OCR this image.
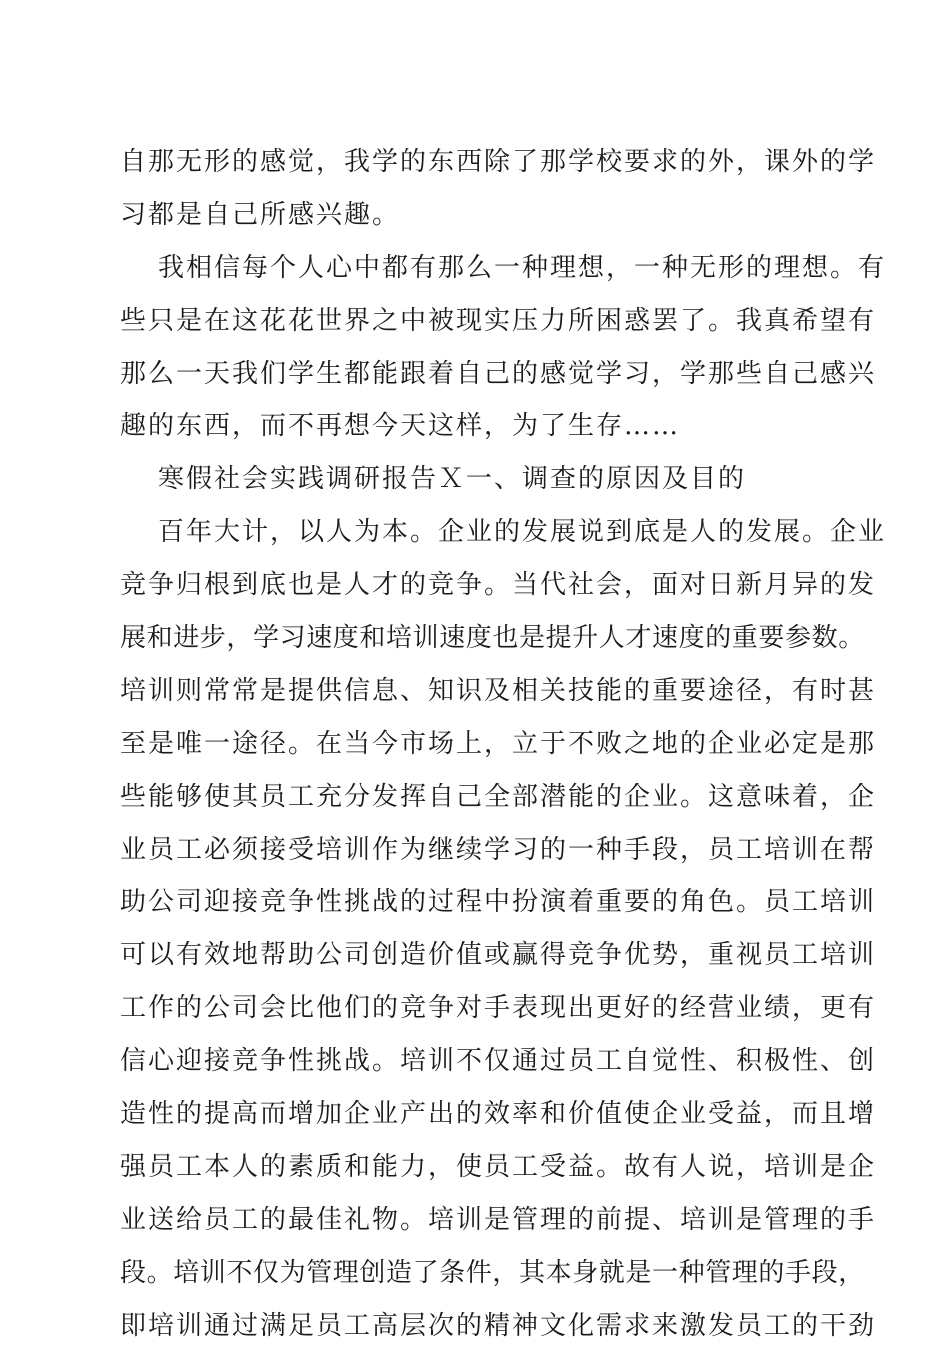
自那无形的感觉，我学的东西除了那学校要求的外，课外的学
习都是自己所感兴趣。
我相信每个人心中都有那么一种理想，一种无形的理想。有
些只是在这花花世界之中被现实压力所困惑罢了。我真希望有
那么一天我们学生都能跟着自己的感觉学习，学那些自己感兴
趣的东西，而不再想今天这样，为了生存……
寒假社会实践调研报告Ｘ一、调查的原因及目的
百年大计，以人为本。企业的发展说到底是人的发展。企业
竞争归根到底也是人才的竞争。当代社会，面对日新月异的发
展和进步，学习速度和培训速度也是提升人才速度的重要参数。
培训则常常是提供信息、知识及相关技能的重要途径，有时甚
至是唯一途径。在当今市场上，立于不败之地的企业必定是那
些能够使其员工充分发挥自己全部潜能的企业。这意味着，企
业员工必须接受培训作为继续学习的一种手段，员工培训在帮
助公司迎接竞争性挑战的过程中扮演着重要的角色。员工培训
可以有效地帮助公司创造价值或赢得竞争优势，重视员工培训
工作的公司会比他们的竞争对手表现出更好的经营业绩，更有
信心迎接竞争性挑战。培训不仅通过员工自觉性、积极性、创
造性的提高而增加企业产出的效率和价值使企业受益，而且增
强员工本人的素质和能力，使员工受益。故有人说，培训是企
业送给员工的最佳礼物。培训是管理的前提、培训是管理的手
段。培训不仅为管理创造了条件，其本身就是一种管理的手段，
即培训通过满足员工高层次的精神文化需求来激发员工的干劲
